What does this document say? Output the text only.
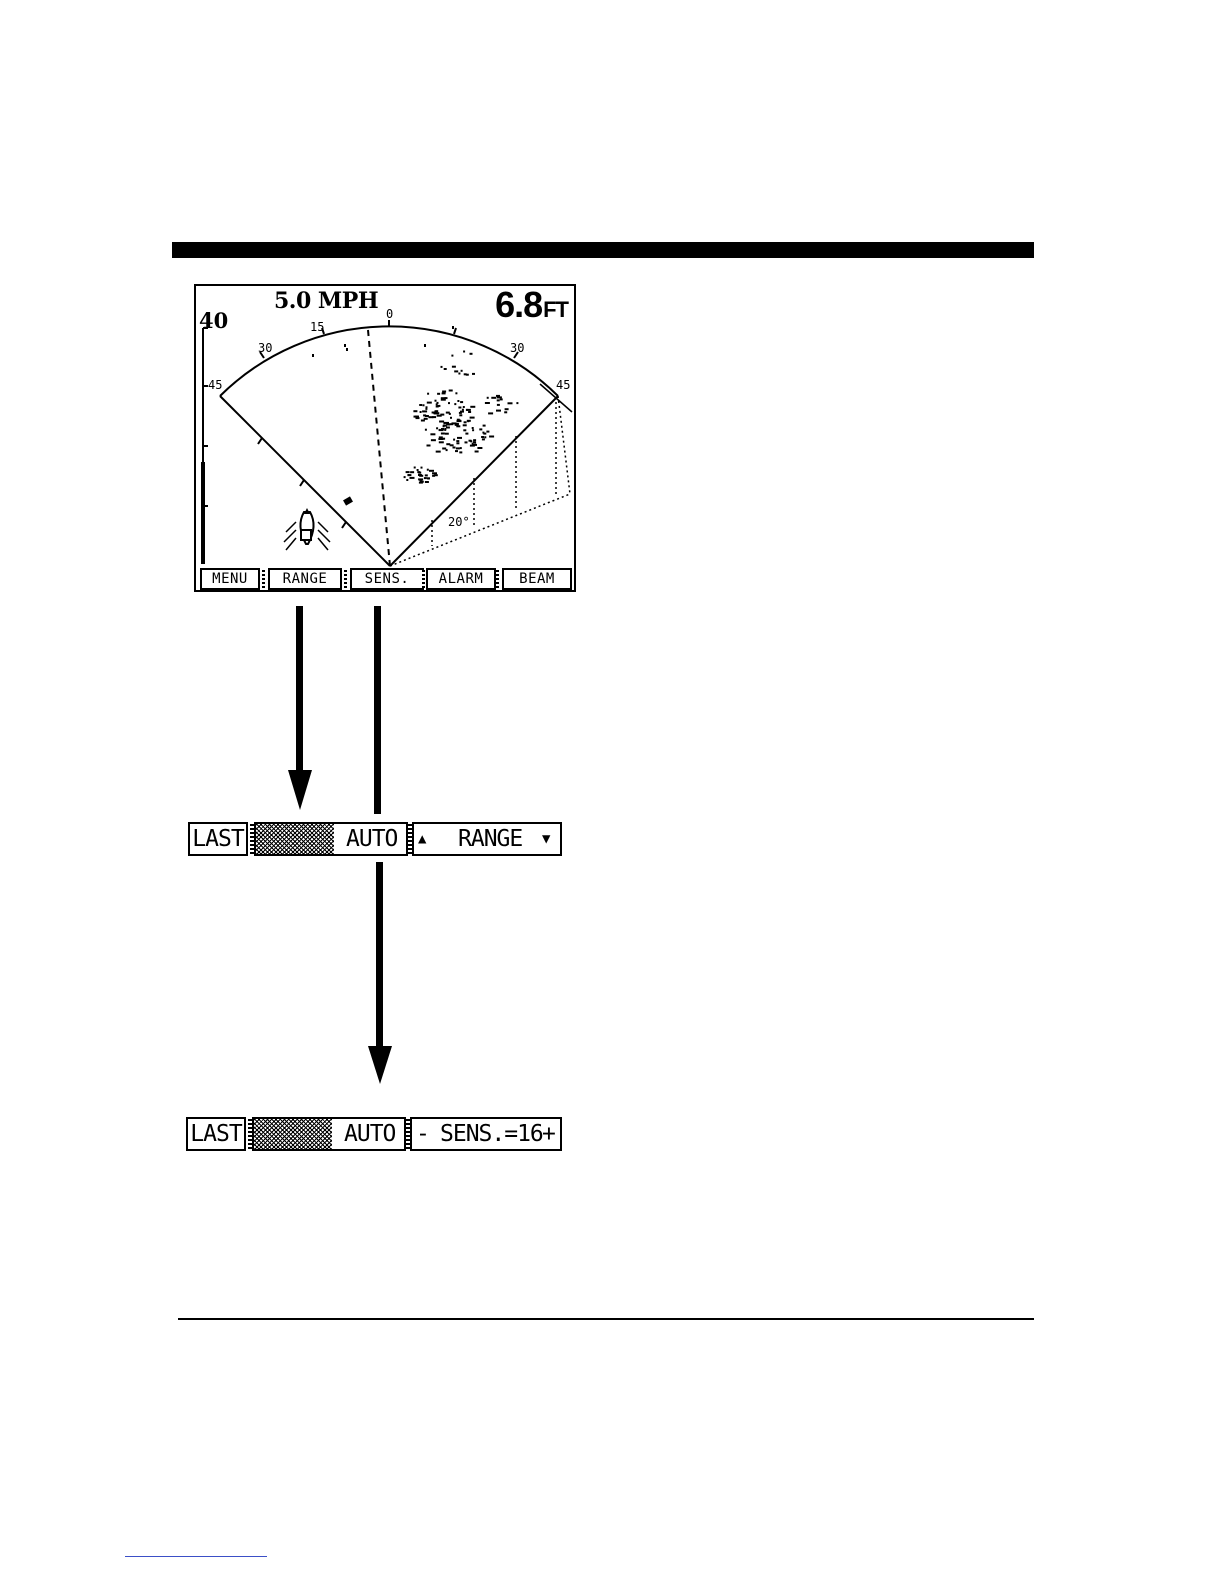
5.0 MPH	6.8FT
40	0
15
30	30
45	45
20°
MENU	RANGE	SENS.	ALARM	BEAM
LAST	AUTO ▲ RANGE ▼
LAST	AUTO - SENS.=16 +
